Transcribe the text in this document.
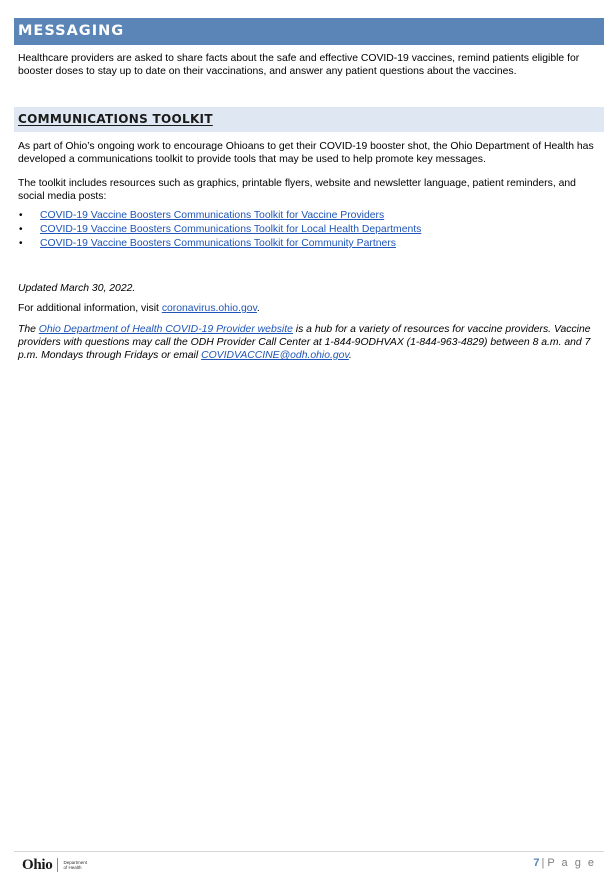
MESSAGING

Healthcare providers are asked to share facts about the safe and effective COVID-19 vaccines, remind patients eligible for booster doses to stay up to date on their vaccinations, and answer any patient questions about the vaccines.

COMMUNICATIONS TOOLKIT

As part of Ohio’s ongoing work to encourage Ohioans to get their COVID-19 booster shot, the Ohio Department of Health has developed a communications toolkit to provide tools that may be used to help promote key messages.

The toolkit includes resources such as graphics, printable flyers, website and newsletter language, patient reminders, and social media posts:

• COVID-19 Vaccine Boosters Communications Toolkit for Vaccine Providers
• COVID-19 Vaccine Boosters Communications Toolkit for Local Health Departments
• COVID-19 Vaccine Boosters Communications Toolkit for Community Partners

Updated March 30, 2022.

For additional information, visit coronavirus.ohio.gov.

The Ohio Department of Health COVID-19 Provider website is a hub for a variety of resources for vaccine providers. Vaccine providers with questions may call the ODH Provider Call Center at 1-844-9ODHVAX (1-844-963-4829) between 8 a.m. and 7 p.m. Mondays through Fridays or email COVIDVACCINE@odh.ohio.gov.

Ohio Department
of Health	7|P a g e
